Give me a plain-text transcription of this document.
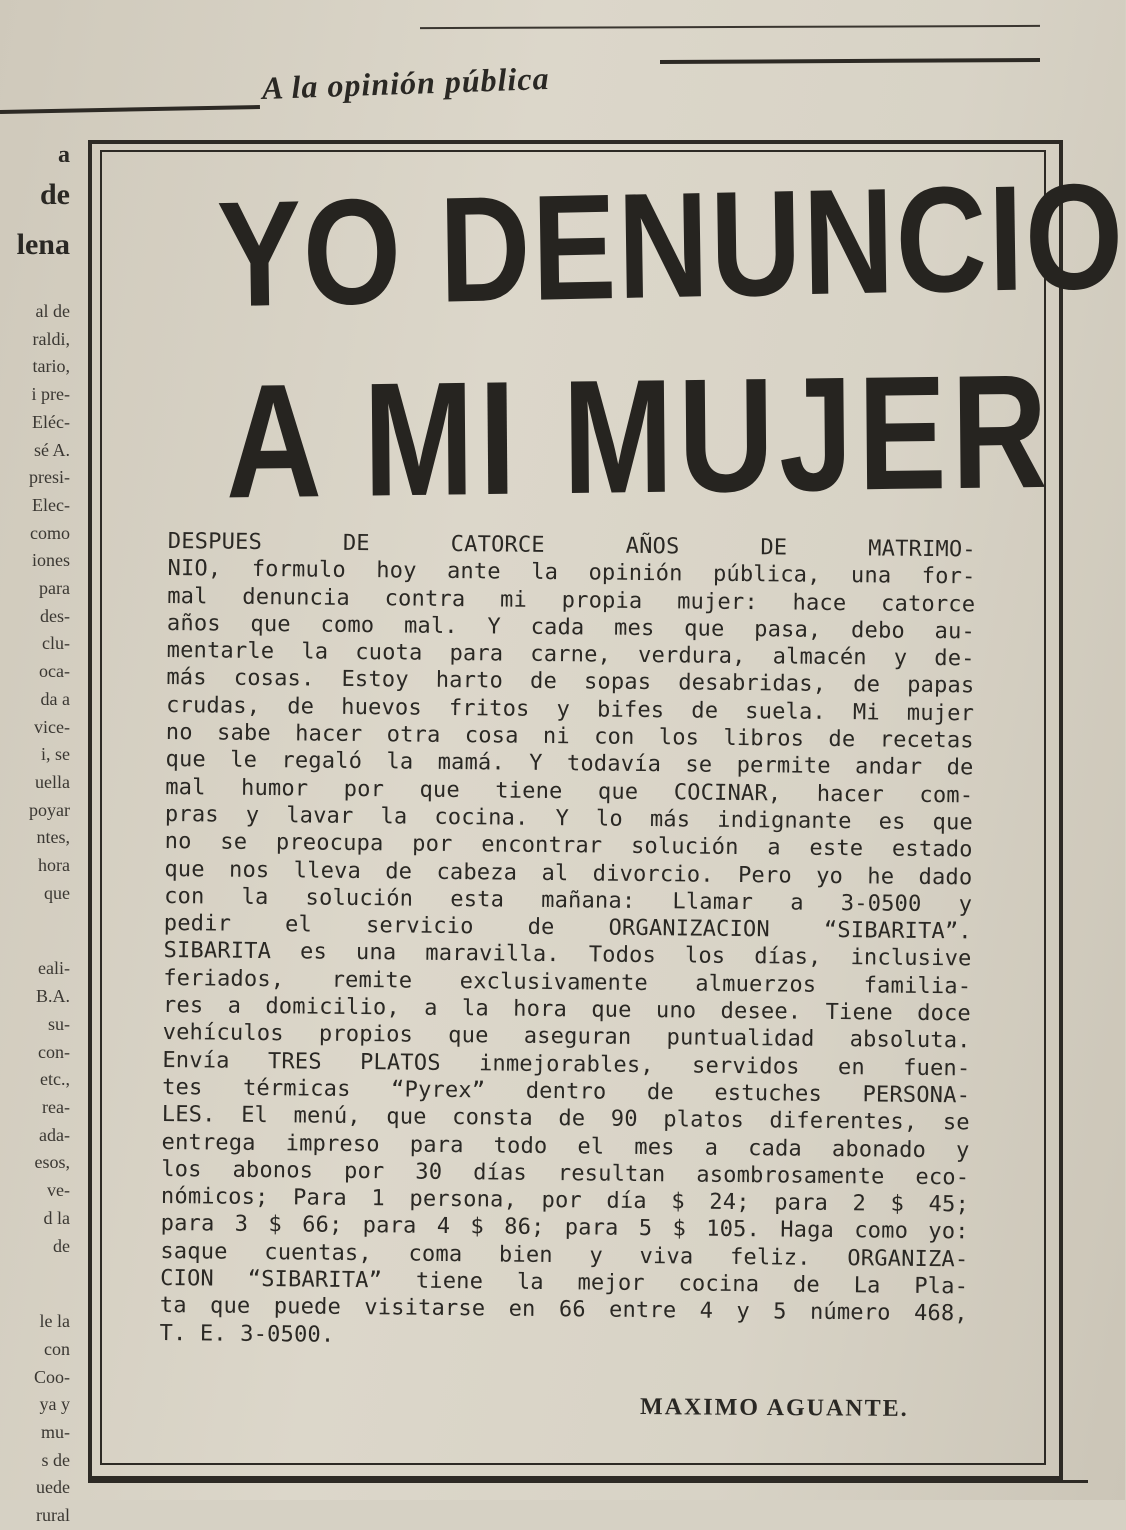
a
de
lena
al de
raldi,
tario,
i pre-
Eléc-
sé A.
presi-
Elec-
como
iones
para
des-
clu-
oca-
da a
vice-
i, se
uella
poyar
ntes,
hora
que
eali-
B.A.
su-
con-
etc.,
rea-
ada-
esos,
ve-
d la
de
le la
con
Coo-
ya y
mu-
s de
uede
rural
A la opinión pública
YO DENUNCIO
A MI MUJER
DESPUES DE CATORCE AÑOS DE MATRIMO-
NIO, formulo hoy ante la opinión pública, una for-
mal denuncia contra mi propia mujer: hace catorce
años que como mal. Y cada mes que pasa, debo au-
mentarle la cuota para carne, verdura, almacén y de-
más cosas. Estoy harto de sopas desabridas, de papas
crudas, de huevos fritos y bifes de suela. Mi mujer
no sabe hacer otra cosa ni con los libros de recetas
que le regaló la mamá. Y todavía se permite andar de
mal humor por que tiene que COCINAR, hacer com-
pras y lavar la cocina. Y lo más indignante es que
no se preocupa por encontrar solución a este estado
que nos lleva de cabeza al divorcio. Pero yo he dado
con la solución esta mañana: Llamar a 3-0500 y
pedir el servicio de ORGANIZACION “SIBARITA”.
SIBARITA es una maravilla. Todos los días, inclusive
feriados, remite exclusivamente almuerzos familia-
res a domicilio, a la hora que uno desee. Tiene doce
vehículos propios que aseguran puntualidad absoluta.
Envía TRES PLATOS inmejorables, servidos en fuen-
tes térmicas “Pyrex” dentro de estuches PERSONA-
LES. El menú, que consta de 90 platos diferentes, se
entrega impreso para todo el mes a cada abonado y
los abonos por 30 días resultan asombrosamente eco-
nómicos; Para 1 persona, por día $ 24; para 2 $ 45;
para 3 $ 66; para 4 $ 86; para 5 $ 105. Haga como yo:
saque cuentas, coma bien y viva feliz. ORGANIZA-
CION “SIBARITA” tiene la mejor cocina de La Pla-
ta que puede visitarse en 66 entre 4 y 5 número 468,
T. E. 3-0500.
MAXIMO AGUANTE.
